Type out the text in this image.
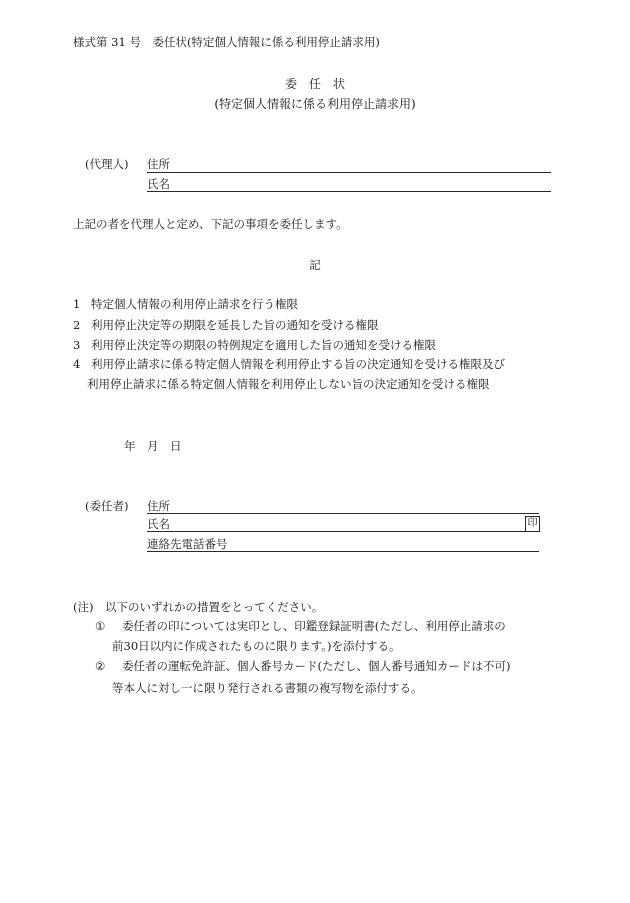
様式第 31 号　委任状(特定個人情報に係る利用停止請求用)
委　任　状
(特定個人情報に係る利用停止請求用)
(代理人) 住所
氏名
上記の者を代理人と定め、下記の事項を委任します。
記
1 特定個人情報の利用停止請求を行う権限
2 利用停止決定等の期限を延長した旨の通知を受ける権限
3 利用停止決定等の期限の特例規定を適用した旨の通知を受ける権限
4 利用停止請求に係る特定個人情報を利用停止する旨の決定通知を受ける権限及び
利用停止請求に係る特定個人情報を利用停止しない旨の決定通知を受ける権限
年　月　日
(委任者) 住所
氏名	印
連絡先電話番号
(注)　以下のいずれかの措置をとってください。
① 委任者の印については実印とし、印鑑登録証明書(ただし、利用停止請求の
前30日以内に作成されたものに限ります。)を添付する。
② 委任者の運転免許証、個人番号カード(ただし、個人番号通知カードは不可)
等本人に対し一に限り発行される書類の複写物を添付する。
